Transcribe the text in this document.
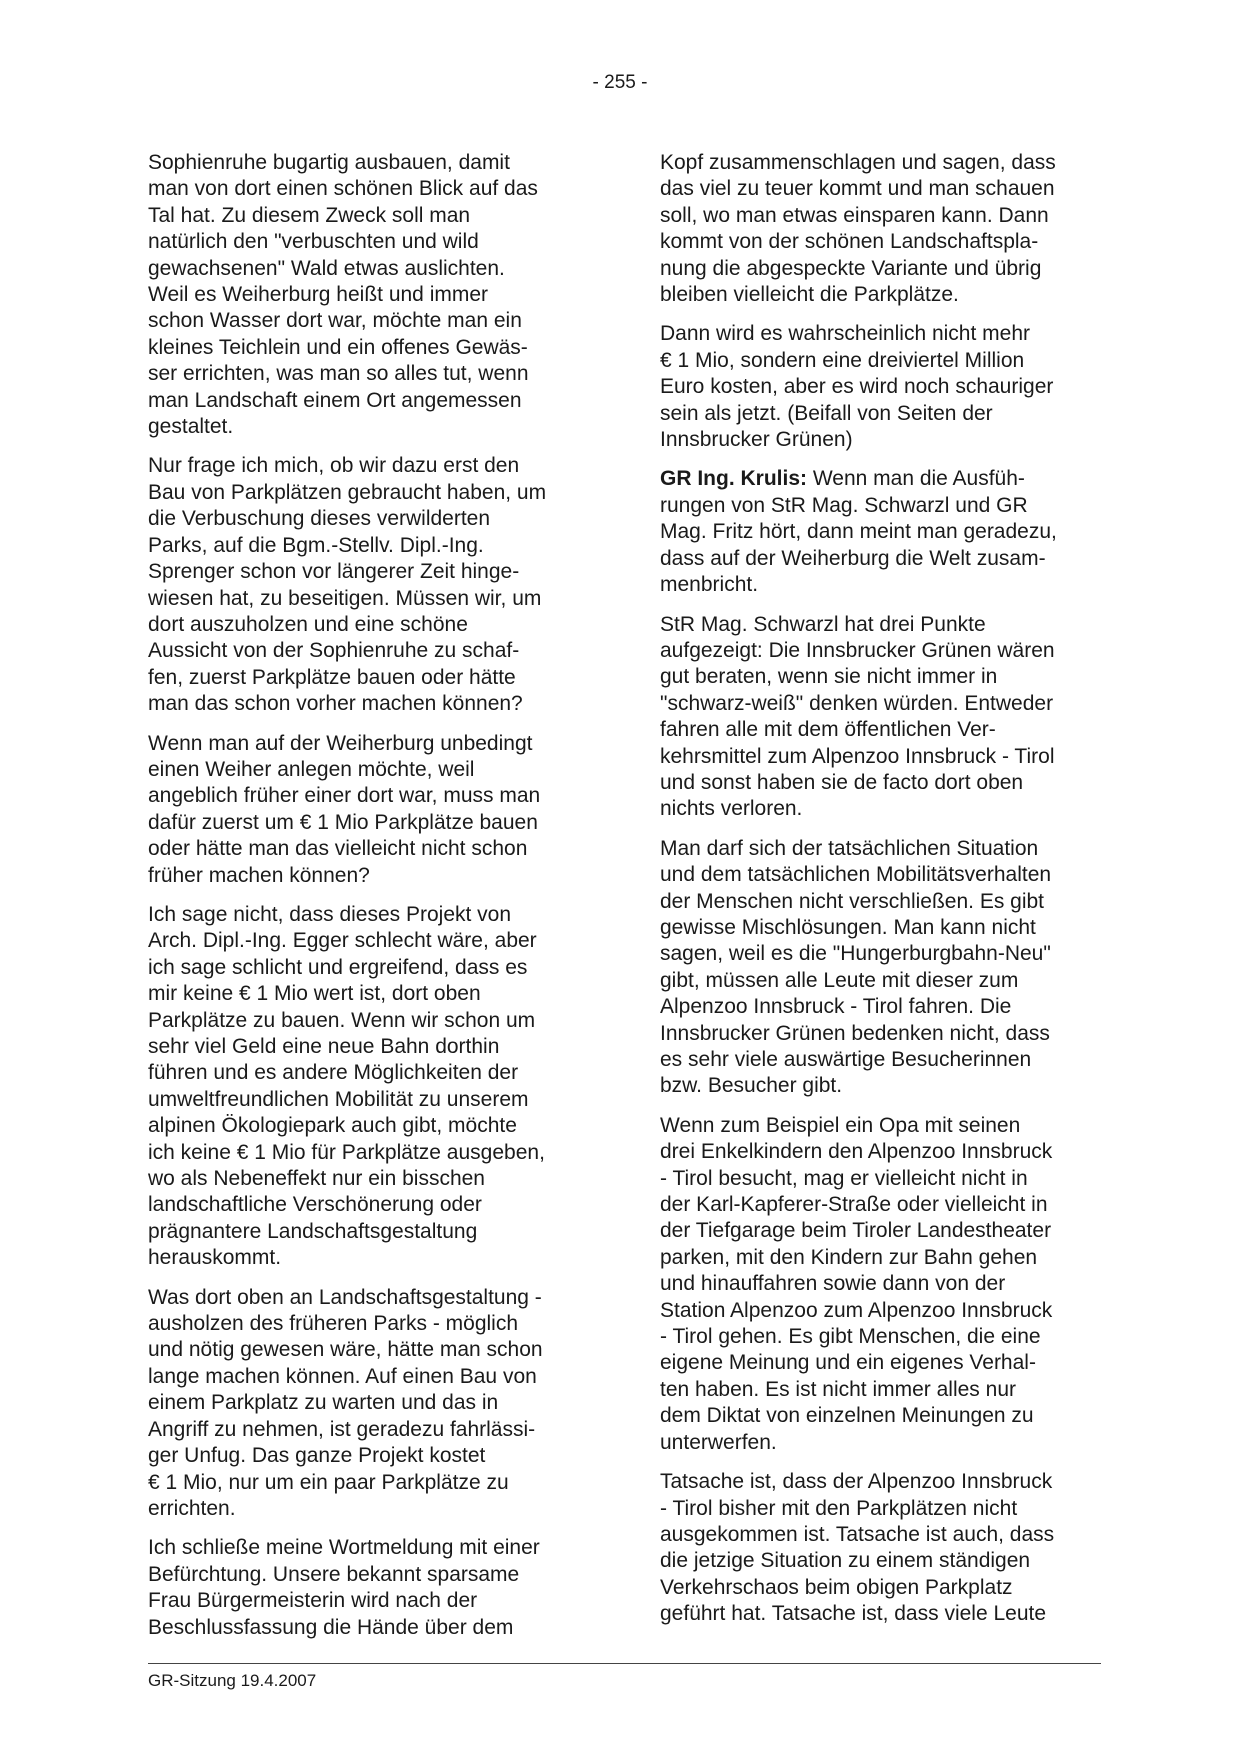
- 255 -
Sophienruhe bugartig ausbauen, damit
man von dort einen schönen Blick auf das
Tal hat. Zu diesem Zweck soll man
natürlich den "verbuschten und wild
gewachsenen" Wald etwas auslichten.
Weil es Weiherburg heißt und immer
schon Wasser dort war, möchte man ein
kleines Teichlein und ein offenes Gewäs-
ser errichten, was man so alles tut, wenn
man Landschaft einem Ort angemessen
gestaltet.
Nur frage ich mich, ob wir dazu erst den
Bau von Parkplätzen gebraucht haben, um
die Verbuschung dieses verwilderten
Parks, auf die Bgm.-Stellv. Dipl.-Ing.
Sprenger schon vor längerer Zeit hinge-
wiesen hat, zu beseitigen. Müssen wir, um
dort auszuholzen und eine schöne
Aussicht von der Sophienruhe zu schaf-
fen, zuerst Parkplätze bauen oder hätte
man das schon vorher machen können?
Wenn man auf der Weiherburg unbedingt
einen Weiher anlegen möchte, weil
angeblich früher einer dort war, muss man
dafür zuerst um € 1 Mio Parkplätze bauen
oder hätte man das vielleicht nicht schon
früher machen können?
Ich sage nicht, dass dieses Projekt von
Arch. Dipl.-Ing. Egger schlecht wäre, aber
ich sage schlicht und ergreifend, dass es
mir keine € 1 Mio wert ist, dort oben
Parkplätze zu bauen. Wenn wir schon um
sehr viel Geld eine neue Bahn dorthin
führen und es andere Möglichkeiten der
umweltfreundlichen Mobilität zu unserem
alpinen Ökologiepark auch gibt, möchte
ich keine € 1 Mio für Parkplätze ausgeben,
wo als Nebeneffekt nur ein bisschen
landschaftliche Verschönerung oder
prägnantere Landschaftsgestaltung
herauskommt.
Was dort oben an Landschaftsgestaltung -
ausholzen des früheren Parks - möglich
und nötig gewesen wäre, hätte man schon
lange machen können. Auf einen Bau von
einem Parkplatz zu warten und das in
Angriff zu nehmen, ist geradezu fahrlässi-
ger Unfug. Das ganze Projekt kostet
€ 1 Mio, nur um ein paar Parkplätze zu
errichten.
Ich schließe meine Wortmeldung mit einer
Befürchtung. Unsere bekannt sparsame
Frau Bürgermeisterin wird nach der
Beschlussfassung die Hände über dem
Kopf zusammenschlagen und sagen, dass
das viel zu teuer kommt und man schauen
soll, wo man etwas einsparen kann. Dann
kommt von der schönen Landschaftspla-
nung die abgespeckte Variante und übrig
bleiben vielleicht die Parkplätze.
Dann wird es wahrscheinlich nicht mehr
€ 1 Mio, sondern eine dreiviertel Million
Euro kosten, aber es wird noch schauriger
sein als jetzt. (Beifall von Seiten der
Innsbrucker Grünen)
GR Ing. Krulis: Wenn man die Ausfüh-
rungen von StR Mag. Schwarzl und GR
Mag. Fritz hört, dann meint man geradezu,
dass auf der Weiherburg die Welt zusam-
menbricht.
StR Mag. Schwarzl hat drei Punkte
aufgezeigt: Die Innsbrucker Grünen wären
gut beraten, wenn sie nicht immer in
"schwarz-weiß" denken würden. Entweder
fahren alle mit dem öffentlichen Ver-
kehrsmittel zum Alpenzoo Innsbruck - Tirol
und sonst haben sie de facto dort oben
nichts verloren.
Man darf sich der tatsächlichen Situation
und dem tatsächlichen Mobilitätsverhalten
der Menschen nicht verschließen. Es gibt
gewisse Mischlösungen. Man kann nicht
sagen, weil es die "Hungerburgbahn-Neu"
gibt, müssen alle Leute mit dieser zum
Alpenzoo Innsbruck - Tirol fahren. Die
Innsbrucker Grünen bedenken nicht, dass
es sehr viele auswärtige Besucherinnen
bzw. Besucher gibt.
Wenn zum Beispiel ein Opa mit seinen
drei Enkelkindern den Alpenzoo Innsbruck
- Tirol besucht, mag er vielleicht nicht in
der Karl-Kapferer-Straße oder vielleicht in
der Tiefgarage beim Tiroler Landestheater
parken, mit den Kindern zur Bahn gehen
und hinauffahren sowie dann von der
Station Alpenzoo zum Alpenzoo Innsbruck
- Tirol gehen. Es gibt Menschen, die eine
eigene Meinung und ein eigenes Verhal-
ten haben. Es ist nicht immer alles nur
dem Diktat von einzelnen Meinungen zu
unterwerfen.
Tatsache ist, dass der Alpenzoo Innsbruck
- Tirol bisher mit den Parkplätzen nicht
ausgekommen ist. Tatsache ist auch, dass
die jetzige Situation zu einem ständigen
Verkehrschaos beim obigen Parkplatz
geführt hat. Tatsache ist, dass viele Leute
GR-Sitzung 19.4.2007
